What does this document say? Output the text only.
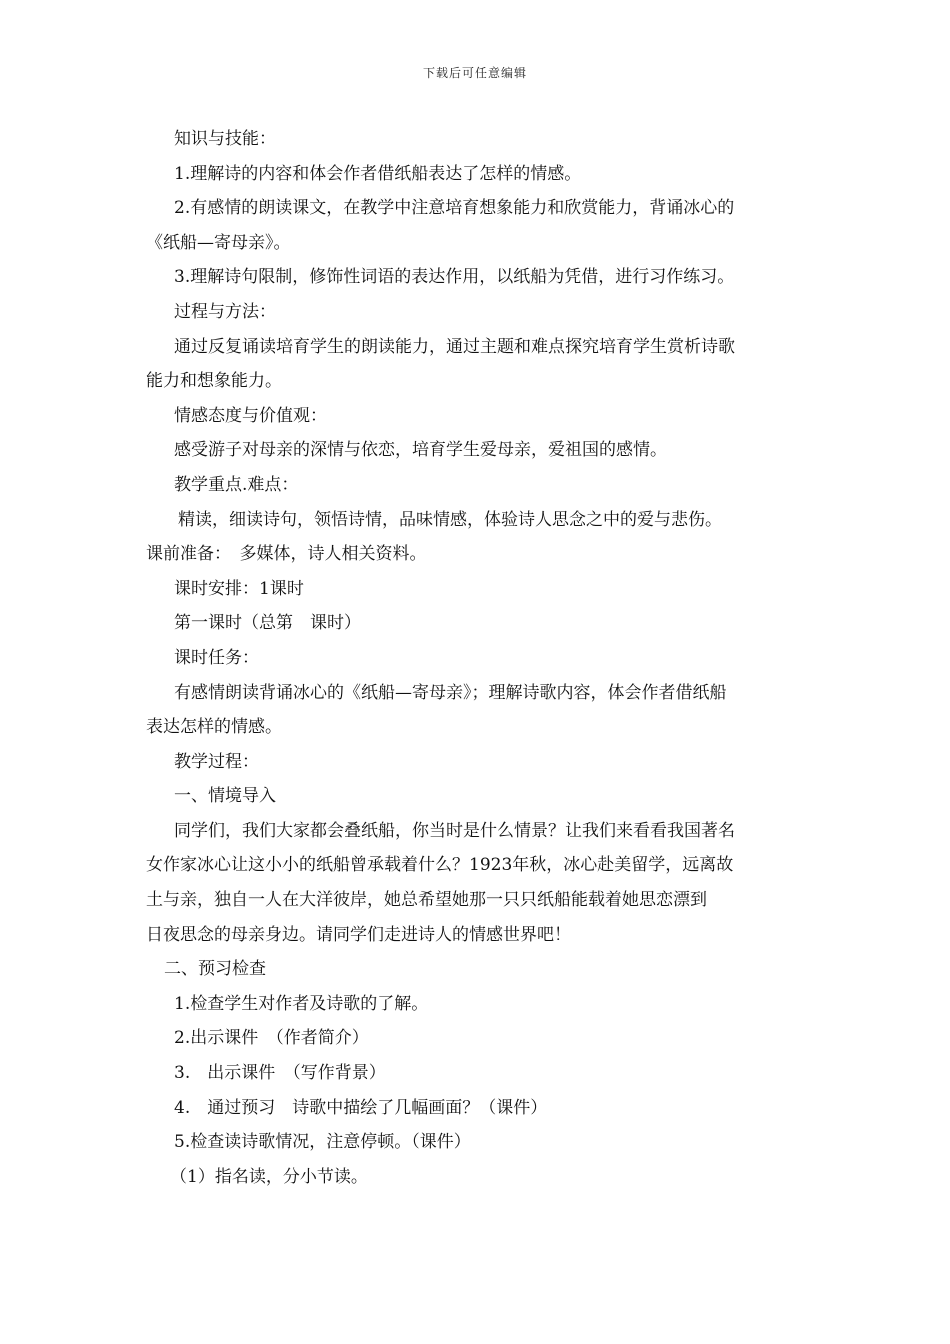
下载后可任意编辑
知识与技能：
1.理解诗的内容和体会作者借纸船表达了怎样的情感。
2.有感情的朗读课文，在教学中注意培育想象能力和欣赏能力，背诵冰心的
《纸船—寄母亲》。
3.理解诗句限制，修饰性词语的表达作用，以纸船为凭借，进行习作练习。
过程与方法：
通过反复诵读培育学生的朗读能力，通过主题和难点探究培育学生赏析诗歌
能力和想象能力。
情感态度与价值观：
感受游子对母亲的深情与依恋，培育学生爱母亲，爱祖国的感情。
教学重点.难点：
精读，细读诗句，领悟诗情，品味情感，体验诗人思念之中的爱与悲伤。
课前准备：　多媒体，诗人相关资料。
课时安排：1课时
第一课时（总第　课时）
课时任务：
有感情朗读背诵冰心的《纸船—寄母亲》；理解诗歌内容，体会作者借纸船
表达怎样的情感。
教学过程：
一、情境导入
同学们，我们大家都会叠纸船，你当时是什么情景？让我们来看看我国著名
女作家冰心让这小小的纸船曾承载着什么？1923年秋，冰心赴美留学，远离故
土与亲，独自一人在大洋彼岸，她总希望她那一只只纸船能载着她思恋漂到
日夜思念的母亲身边。请同学们走进诗人的情感世界吧！
二、预习检查
1.检查学生对作者及诗歌的了解。
2.出示课件　（作者简介）
3.　出示课件　（写作背景）
4.　通过预习　诗歌中描绘了几幅画面？（课件）
5.检查读诗歌情况，注意停顿。（课件）
（1）指名读，分小节读。
